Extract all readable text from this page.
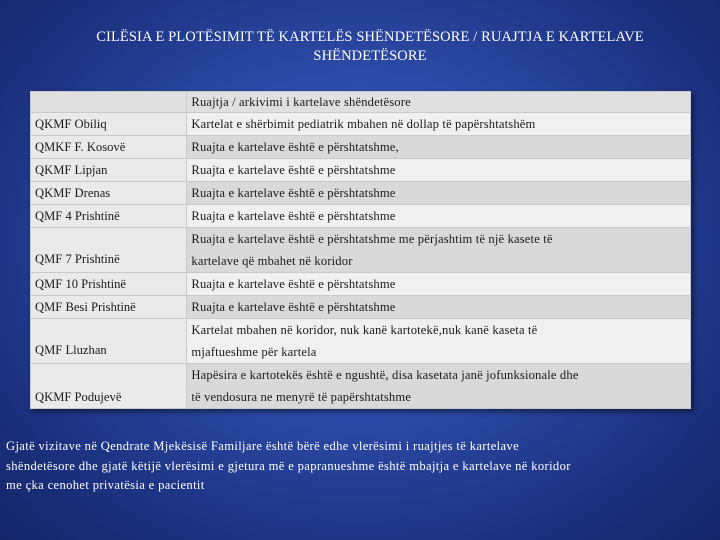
CILËSIA E PLOTËSIMIT TË KARTELËS SHËNDETËSORE / RUAJTJA E KARTELAVE
SHËNDETËSORE
	Ruajtja / arkivimi i kartelave shëndetësore
QKMF Obiliq	Kartelat e shërbimit pediatrik mbahen në dollap të papërshtatshëm
QMKF F. Kosovë	Ruajta e kartelave është e përshtatshme,
QKMF Lipjan	Ruajta e kartelave është e përshtatshme
QKMF Drenas	Ruajta e kartelave është e përshtatshme
QMF 4 Prishtinë	Ruajta e kartelave është e përshtatshme
QMF 7 Prishtinë	Ruajta e kartelave është e përshtatshme me përjashtim të një kasete të
kartelave që mbahet në koridor

QMF 10 Prishtinë	Ruajta e kartelave është e përshtatshme
QMF Besi Prishtinë	Ruajta e kartelave është e përshtatshme
QMF Lluzhan	Kartelat mbahen në koridor, nuk kanë kartotekë,nuk kanë kaseta të
mjaftueshme për kartela

QKMF Podujevë	Hapësira e kartotekës është e ngushtë, disa kasetata janë jofunksionale dhe
të vendosura ne menyrë të papërshtatshme
Gjatë vizitave në Qendrate Mjekësisë Familjare është bërë edhe vlerësimi i ruajtjes të kartelave
shëndetësore dhe gjatë këtijë vlerësimi e gjetura më e papranueshme është mbajtja e kartelave në koridor
me çka cenohet privatësia e pacientit
